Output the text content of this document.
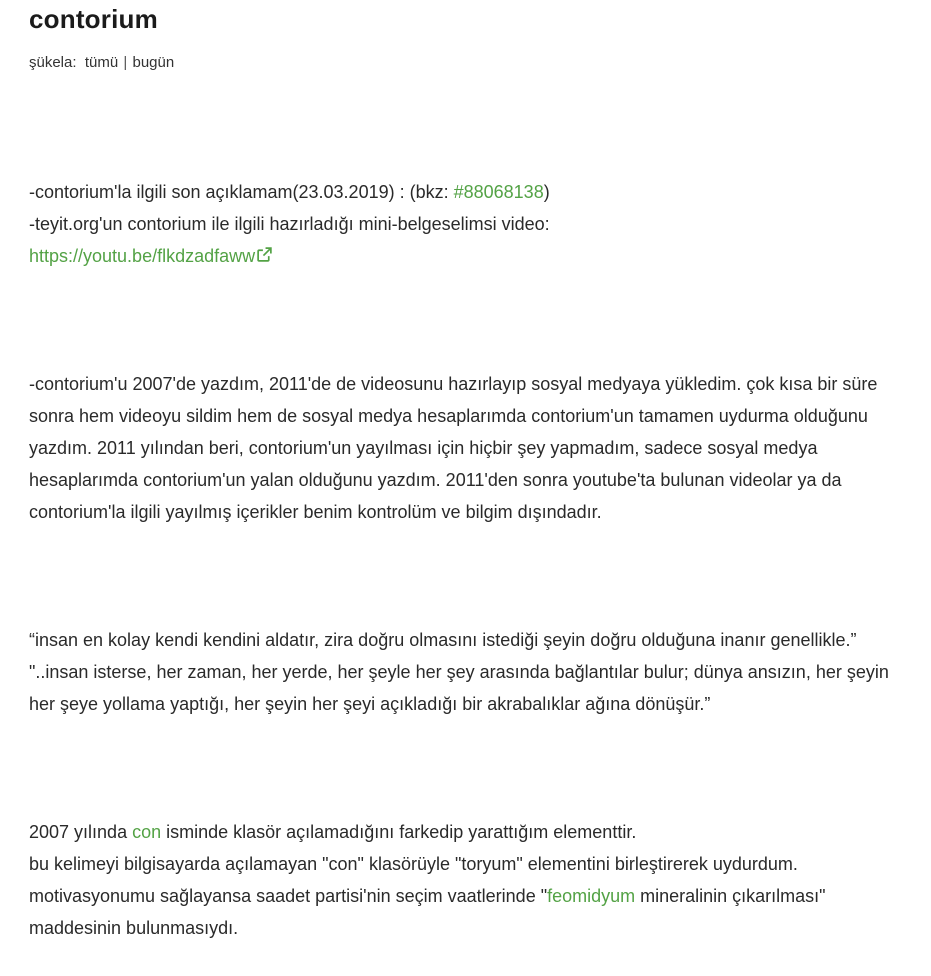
contorium
şükela: tümü | bugün

-contorium'la ilgili son açıklamam(23.03.2019) : (bkz: #88068138)
-teyit.org'un contorium ile ilgili hazırladığı mini-belgeselimsi video:
https://youtu.be/flkdzadfaww

-contorium'u 2007'de yazdım, 2011'de de videosunu hazırlayıp sosyal medyaya yükledim. çok kısa bir süre sonra hem videoyu sildim hem de sosyal medya hesaplarımda contorium'un tamamen uydurma olduğunu yazdım. 2011 yılından beri, contorium'un yayılması için hiçbir şey yapmadım, sadece sosyal medya hesaplarımda contorium'un yalan olduğunu yazdım. 2011'den sonra youtube'ta bulunan videolar ya da contorium'la ilgili yayılmış içerikler benim kontrolüm ve bilgim dışındadır.

“insan en kolay kendi kendini aldatır, zira doğru olmasını istediği şeyin doğru olduğuna inanır genellikle.”
"..insan isterse, her zaman, her yerde, her şeyle her şey arasında bağlantılar bulur; dünya ansızın, her şeyin her şeye yollama yaptığı, her şeyin her şeyi açıkladığı bir akrabalıklar ağına dönüşür.”

2007 yılında con isminde klasör açılamadığını farkedip yarattığım elementtir.
bu kelimeyi bilgisayarda açılamayan "con" klasörüyle "toryum" elementini birleştirerek uydurdum.
motivasyonumu sağlayansa saadet partisi'nin seçim vaatlerinde "feomidyum mineralinin çıkarılması" maddesinin bulunmasıydı.
